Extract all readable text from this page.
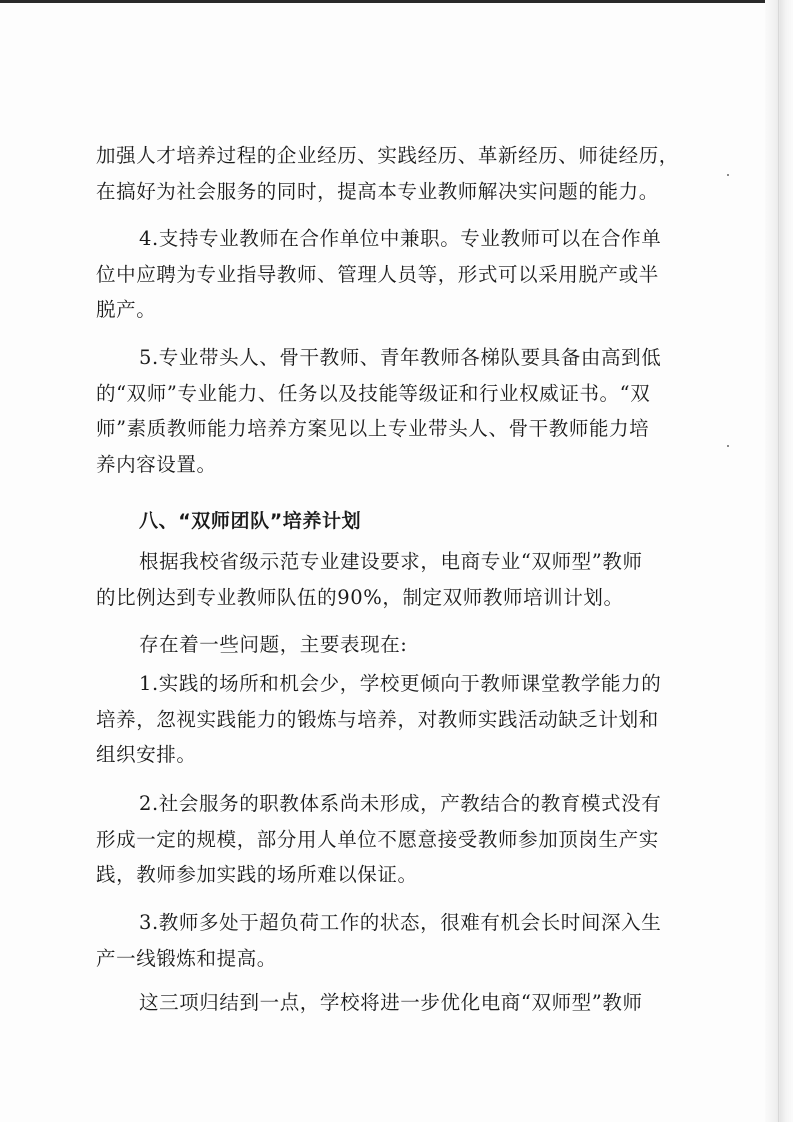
加强人才培养过程的企业经历、实践经历、革新经历、师徒经历，
在搞好为社会服务的同时，提高本专业教师解决实问题的能力。
4.支持专业教师在合作单位中兼职。专业教师可以在合作单
位中应聘为专业指导教师、管理人员等，形式可以采用脱产或半
脱产。
5.专业带头人、骨干教师、青年教师各梯队要具备由高到低
的“双师”专业能力、任务以及技能等级证和行业权威证书。“双
师”素质教师能力培养方案见以上专业带头人、骨干教师能力培
养内容设置。
八、“双师团队”培养计划
根据我校省级示范专业建设要求，电商专业“双师型”教师
的比例达到专业教师队伍的90%，制定双师教师培训计划。
存在着一些问题，主要表现在:
1.实践的场所和机会少，学校更倾向于教师课堂教学能力的
培养，忽视实践能力的锻炼与培养，对教师实践活动缺乏计划和
组织安排。
2.社会服务的职教体系尚未形成，产教结合的教育模式没有
形成一定的规模，部分用人单位不愿意接受教师参加顶岗生产实
践，教师参加实践的场所难以保证。
3.教师多处于超负荷工作的状态，很难有机会长时间深入生
产一线锻炼和提高。
这三项归结到一点，学校将进一步优化电商“双师型”教师
